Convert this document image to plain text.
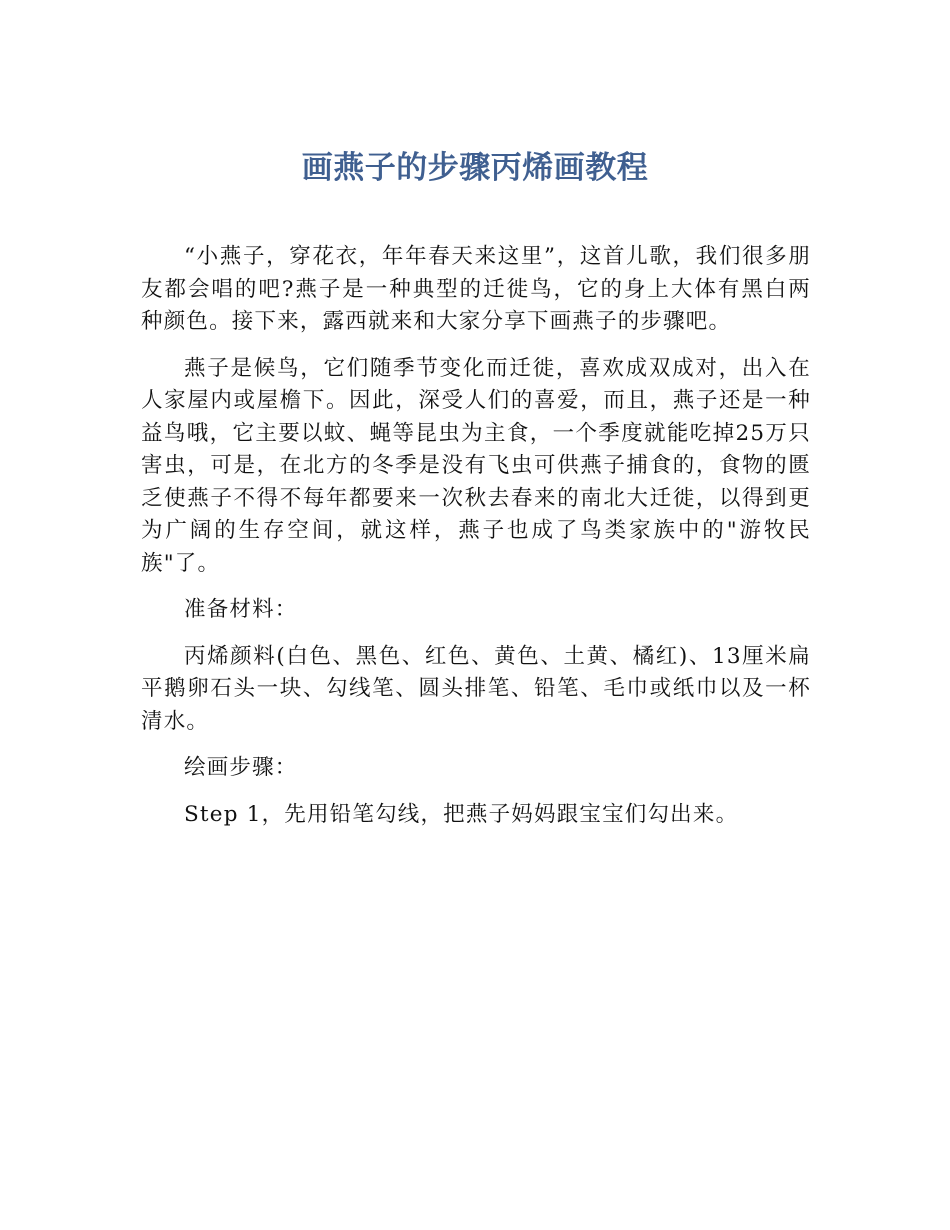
画燕子的步骤丙烯画教程

“小燕子，穿花衣，年年春天来这里”，这首儿歌，我们很多朋友都会唱的吧?燕子是一种典型的迁徙鸟，它的身上大体有黑白两种颜色。接下来，露西就来和大家分享下画燕子的步骤吧。

燕子是候鸟，它们随季节变化而迁徙，喜欢成双成对，出入在人家屋内或屋檐下。因此，深受人们的喜爱，而且，燕子还是一种益鸟哦，它主要以蚊、蝇等昆虫为主食，一个季度就能吃掉25万只害虫，可是，在北方的冬季是没有飞虫可供燕子捕食的，食物的匮乏使燕子不得不每年都要来一次秋去春来的南北大迁徙，以得到更为广阔的生存空间，就这样，燕子也成了鸟类家族中的"游牧民族"了。

准备材料：

丙烯颜料(白色、黑色、红色、黄色、土黄、橘红)、13厘米扁平鹅卵石头一块、勾线笔、圆头排笔、铅笔、毛巾或纸巾以及一杯清水。

绘画步骤：

Step 1，先用铅笔勾线，把燕子妈妈跟宝宝们勾出来。
